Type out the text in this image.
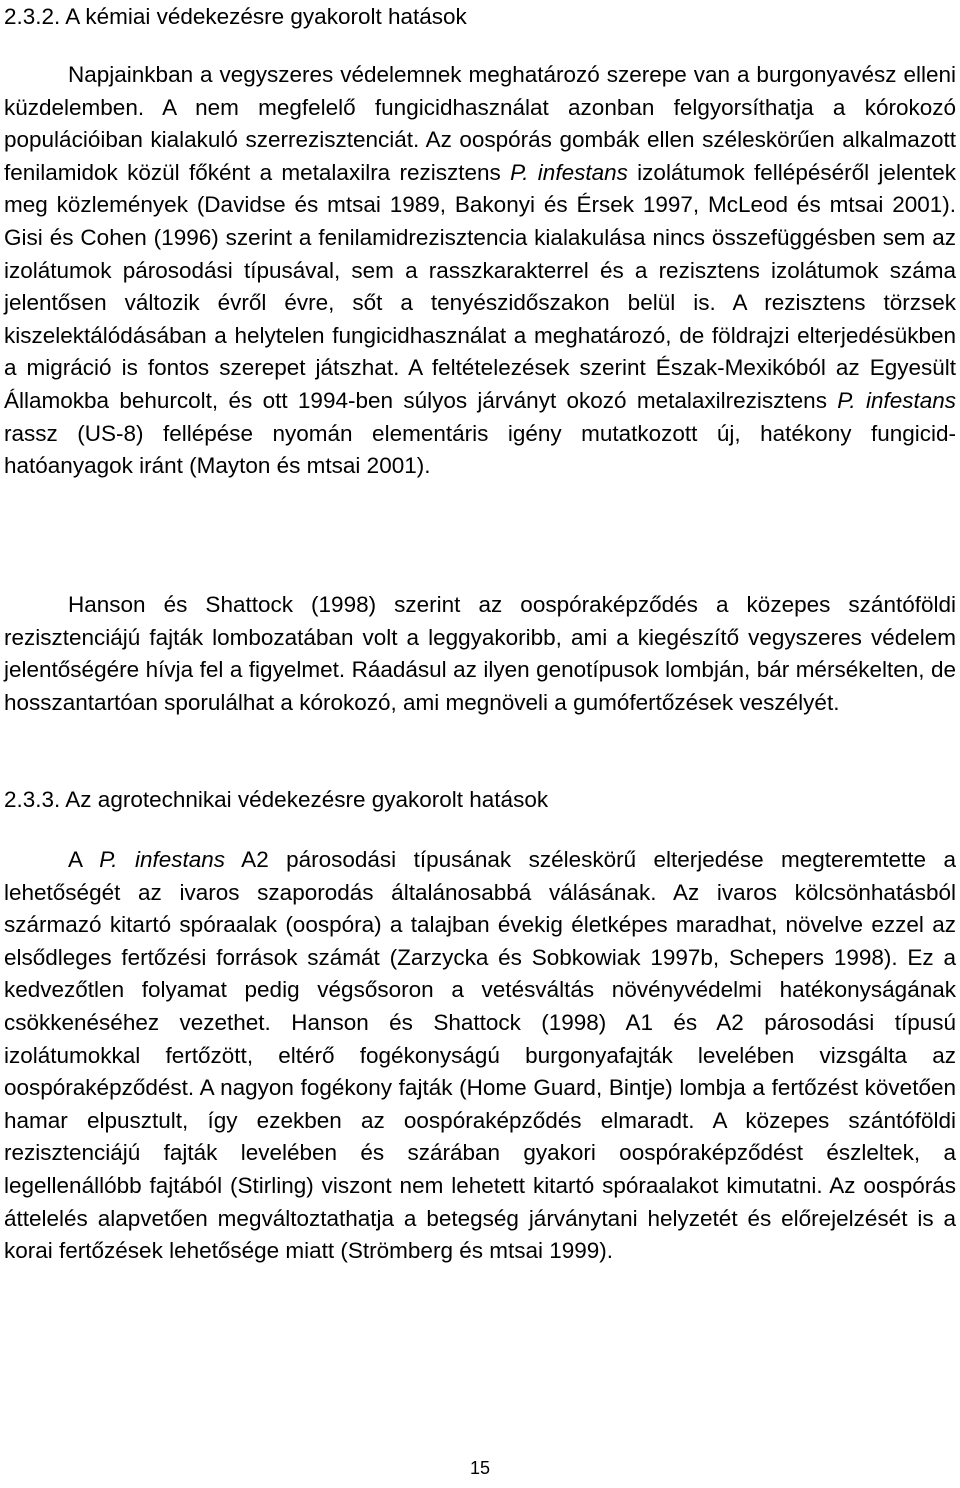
2.3.2. A kémiai védekezésre gyakorolt hatások

Napjainkban a vegyszeres védelemnek meghatározó szerepe van a burgonyavész elleni küzdelemben. A nem megfelelő fungicidhasználat azonban felgyorsíthatja a kórokozó populációiban kialakuló szerrezisztenciát. Az oospórás gombák ellen széleskörűen alkalmazott fenilamidok közül főként a metalaxilra rezisztens P. infestans izolátumok fellépéséről jelentek meg közlemények (Davidse és mtsai 1989, Bakonyi és Érsek 1997, McLeod és mtsai 2001). Gisi és Cohen (1996) szerint a fenilamidrezisztencia kialakulása nincs összefüggésben sem az izolátumok párosodási típusával, sem a rasszkarakterrel és a rezisztens izolátumok száma jelentősen változik évről évre, sőt a tenyészidőszakon belül is. A rezisztens törzsek kiszelektálódásában a helytelen fungicidhasználat a meghatározó, de földrajzi elterjedésükben a migráció is fontos szerepet játszhat. A feltételezések szerint Észak-Mexikóból az Egyesült Államokba behurcolt, és ott 1994-ben súlyos járványt okozó metalaxilrezisztens P. infestans rassz (US-8) fellépése nyomán elementáris igény mutatkozott új, hatékony fungicid-hatóanyagok iránt (Mayton és mtsai 2001).

Hanson és Shattock (1998) szerint az oospóraképződés a közepes szántóföldi rezisztenciájú fajták lombozatában volt a leggyakoribb, ami a kiegészítő vegyszeres védelem jelentőségére hívja fel a figyelmet. Ráadásul az ilyen genotípusok lombján, bár mérsékelten, de hosszantartóan sporulálhat a kórokozó, ami megnöveli a gumófertőzések veszélyét.

2.3.3. Az agrotechnikai védekezésre gyakorolt hatások

A P. infestans A2 párosodási típusának széleskörű elterjedése megteremtette a lehetőségét az ivaros szaporodás általánosabbá válásának. Az ivaros kölcsönhatásból származó kitartó spóraalak (oospóra) a talajban évekig életképes maradhat, növelve ezzel az elsődleges fertőzési források számát (Zarzycka és Sobkowiak 1997b, Schepers 1998). Ez a kedvezőtlen folyamat pedig végsősoron a vetésváltás növényvédelmi hatékonyságának csökkenéséhez vezethet. Hanson és Shattock (1998) A1 és A2 párosodási típusú izolátumokkal fertőzött, eltérő fogékonyságú burgonyafajták levelében vizsgálta az oospóraképződést. A nagyon fogékony fajták (Home Guard, Bintje) lombja a fertőzést követően hamar elpusztult, így ezekben az oospóraképződés elmaradt. A közepes szántóföldi rezisztenciájú fajták levelében és szárában gyakori oospóraképződést észleltek, a legellenállóbb fajtából (Stirling) viszont nem lehetett kitartó spóraalakot kimutatni. Az oospórás áttelelés alapvetően megváltoztathatja a betegség járványtani helyzetét és előrejelzését is a korai fertőzések lehetősége miatt (Strömberg és mtsai 1999).

15
